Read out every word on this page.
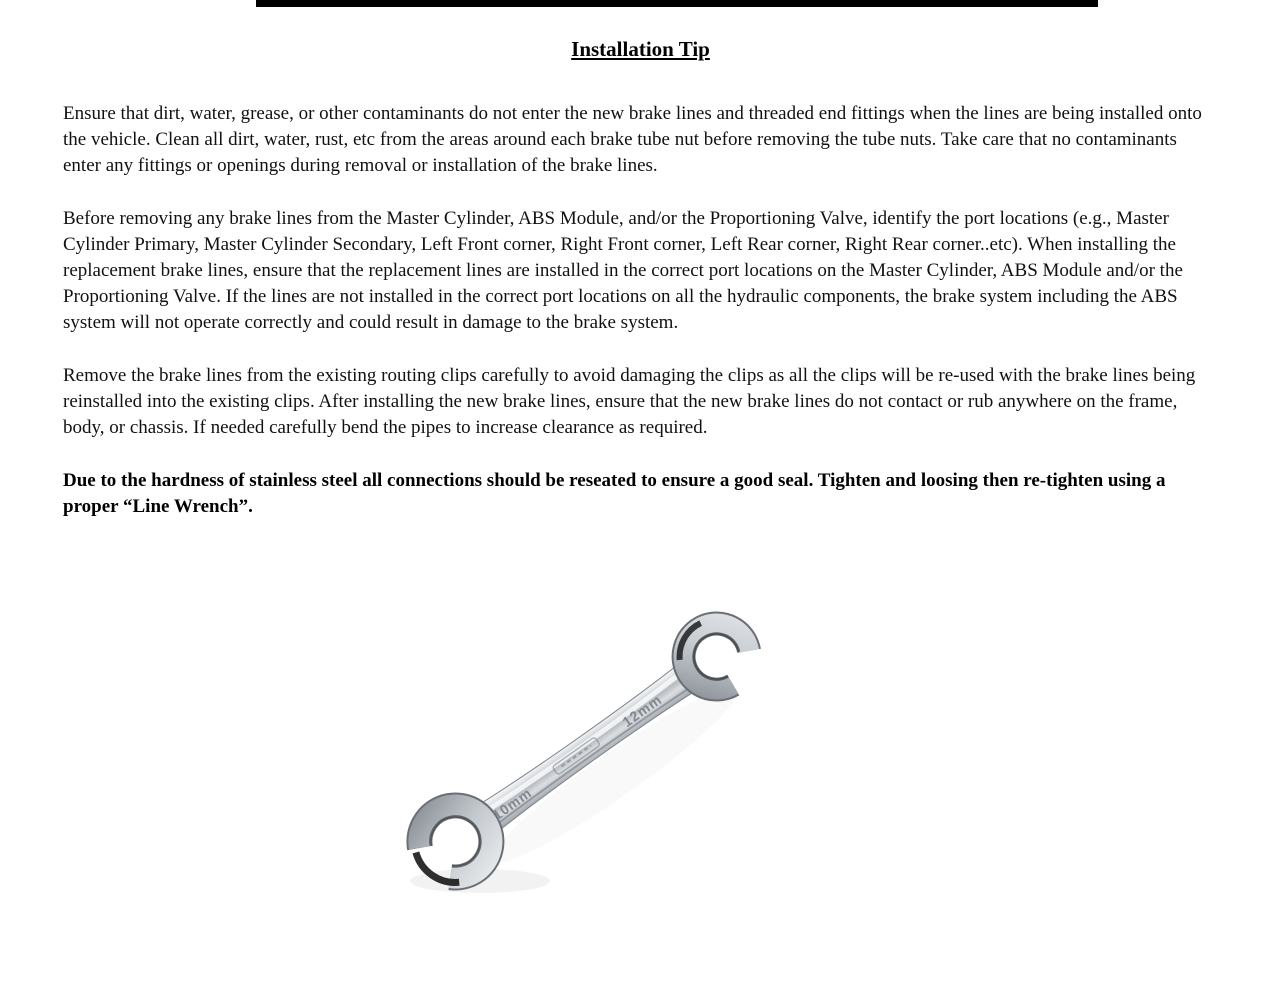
Installation Tip

Ensure that dirt, water, grease, or other contaminants do not enter the new brake lines and threaded end fittings when the lines are being installed onto the vehicle. Clean all dirt, water, rust, etc from the areas around each brake tube nut before removing the tube nuts. Take care that no contaminants enter any fittings or openings during removal or installation of the brake lines.

Before removing any brake lines from the Master Cylinder, ABS Module, and/or the Proportioning Valve, identify the port locations (e.g., Master Cylinder Primary, Master Cylinder Secondary, Left Front corner, Right Front corner, Left Rear corner, Right Rear corner..etc). When installing the replacement brake lines, ensure that the replacement lines are installed in the correct port locations on the Master Cylinder, ABS Module and/or the Proportioning Valve. If the lines are not installed in the correct port locations on all the hydraulic components, the brake system including the ABS system will not operate correctly and could result in damage to the brake system.

Remove the brake lines from the existing routing clips carefully to avoid damaging the clips as all the clips will be re-used with the brake lines being reinstalled into the existing clips. After installing the new brake lines, ensure that the new brake lines do not contact or rub anywhere on the frame, body, or chassis. If needed carefully bend the pipes to increase clearance as required.

Due to the hardness of stainless steel all connections should be reseated to ensure a good seal. Tighten and loosing then re-tighten using a proper “Line Wrench”.

12mm
10mm
